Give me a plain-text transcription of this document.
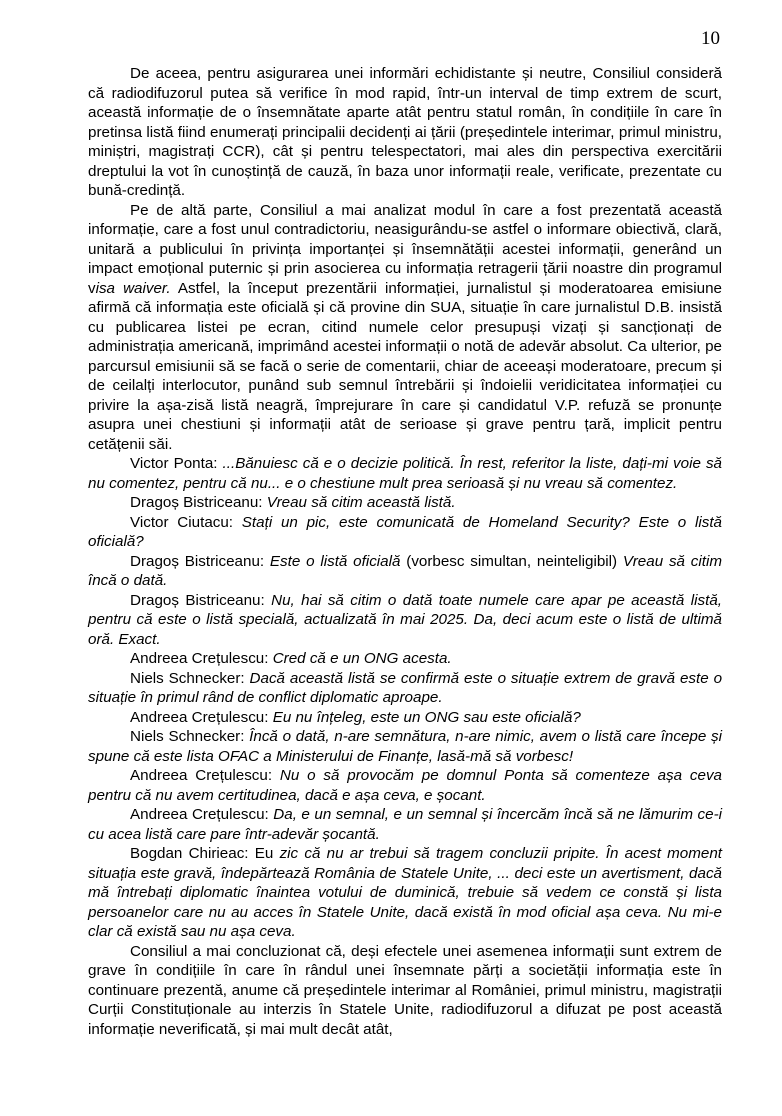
10

De aceea, pentru asigurarea unei informări echidistante și neutre, Consiliul consideră că radiodifuzorul putea să verifice în mod rapid, într-un interval de timp extrem de scurt, această informație de o însemnătate aparte atât pentru statul român, în condițiile în care în pretinsa listă fiind enumerați principalii decidenți ai țării (președintele interimar, primul ministru, miniștri, magistrați CCR), cât și pentru telespectatori, mai ales din perspectiva exercitării dreptului la vot în cunoștință de cauză, în baza unor informații reale, verificate, prezentate cu bună-credință.

Pe de altă parte, Consiliul a mai analizat modul în care a fost prezentată această informație, care a fost unul contradictoriu, neasigurându-se astfel o informare obiectivă, clară, unitară a publicului în privința importanței și însemnătății acestei informații, generând un impact emoțional puternic și prin asocierea cu informația retragerii țării noastre din programul visa waiver. Astfel, la început prezentării informației, jurnalistul și moderatoarea emisiune afirmă că informația este oficială și că provine din SUA, situație în care jurnalistul D.B. insistă cu publicarea listei pe ecran, citind numele celor presupuși vizați și sancționați de administrația americană, imprimând acestei informații o notă de adevăr absolut. Ca ulterior, pe parcursul emisiunii să se facă o serie de comentarii, chiar de aceeași moderatoare, precum și de ceilalți interlocutor, punând sub semnul întrebării și îndoielii veridicitatea informației cu privire la așa-zisă listă neagră, împrejurare în care și candidatul V.P. refuză se pronunțe asupra unei chestiuni și informații atât de serioase și grave pentru țară, implicit pentru cetățenii săi.

Victor Ponta: ...Bănuiesc că e o decizie politică. În rest, referitor la liste, dați-mi voie să nu comentez, pentru că nu... e o chestiune mult prea serioasă și nu vreau să comentez.

Dragoș Bistriceanu: Vreau să citim această listă.

Victor Ciutacu: Stați un pic, este comunicată de Homeland Security? Este o listă oficială?

Dragoș Bistriceanu: Este o listă oficială (vorbesc simultan, neinteligibil) Vreau să citim încă o dată.

Dragoș Bistriceanu: Nu, hai să citim o dată toate numele care apar pe această listă, pentru că este o listă specială, actualizată în mai 2025. Da, deci acum este o listă de ultimă oră. Exact.

Andreea Crețulescu: Cred că e un ONG acesta.

Niels Schnecker: Dacă această listă se confirmă este o situație extrem de gravă este o situație în primul rând de conflict diplomatic aproape.

Andreea Crețulescu: Eu nu înțeleg, este un ONG sau este oficială?

Niels Schnecker: Încă o dată, n-are semnătura, n-are nimic, avem o listă care începe și spune că este lista OFAC a Ministerului de Finanțe, lasă-mă să vorbesc!

Andreea Crețulescu: Nu o să provocăm pe domnul Ponta să comenteze așa ceva pentru că nu avem certitudinea, dacă e așa ceva, e șocant.

Andreea Crețulescu: Da, e un semnal, e un semnal și încercăm încă să ne lămurim ce-i cu acea listă care pare într-adevăr șocantă.

Bogdan Chirieac: Eu zic că nu ar trebui să tragem concluzii pripite. În acest moment situația este gravă, îndepărtează România de Statele Unite, ... deci este un avertisment, dacă mă întrebați diplomatic înaintea votului de duminică, trebuie să vedem ce constă și lista persoanelor care nu au acces în Statele Unite, dacă există în mod oficial așa ceva. Nu mi-e clar că există sau nu așa ceva.

Consiliul a mai concluzionat că, deși efectele unei asemenea informații sunt extrem de grave în condițiile în care în rândul unei însemnate părți a societății informația este în continuare prezentă, anume că președintele interimar al României, primul ministru, magistrații Curții Constituționale au interzis în Statele Unite, radiodifuzorul a difuzat pe post această informație neverificată, și mai mult decât atât,
